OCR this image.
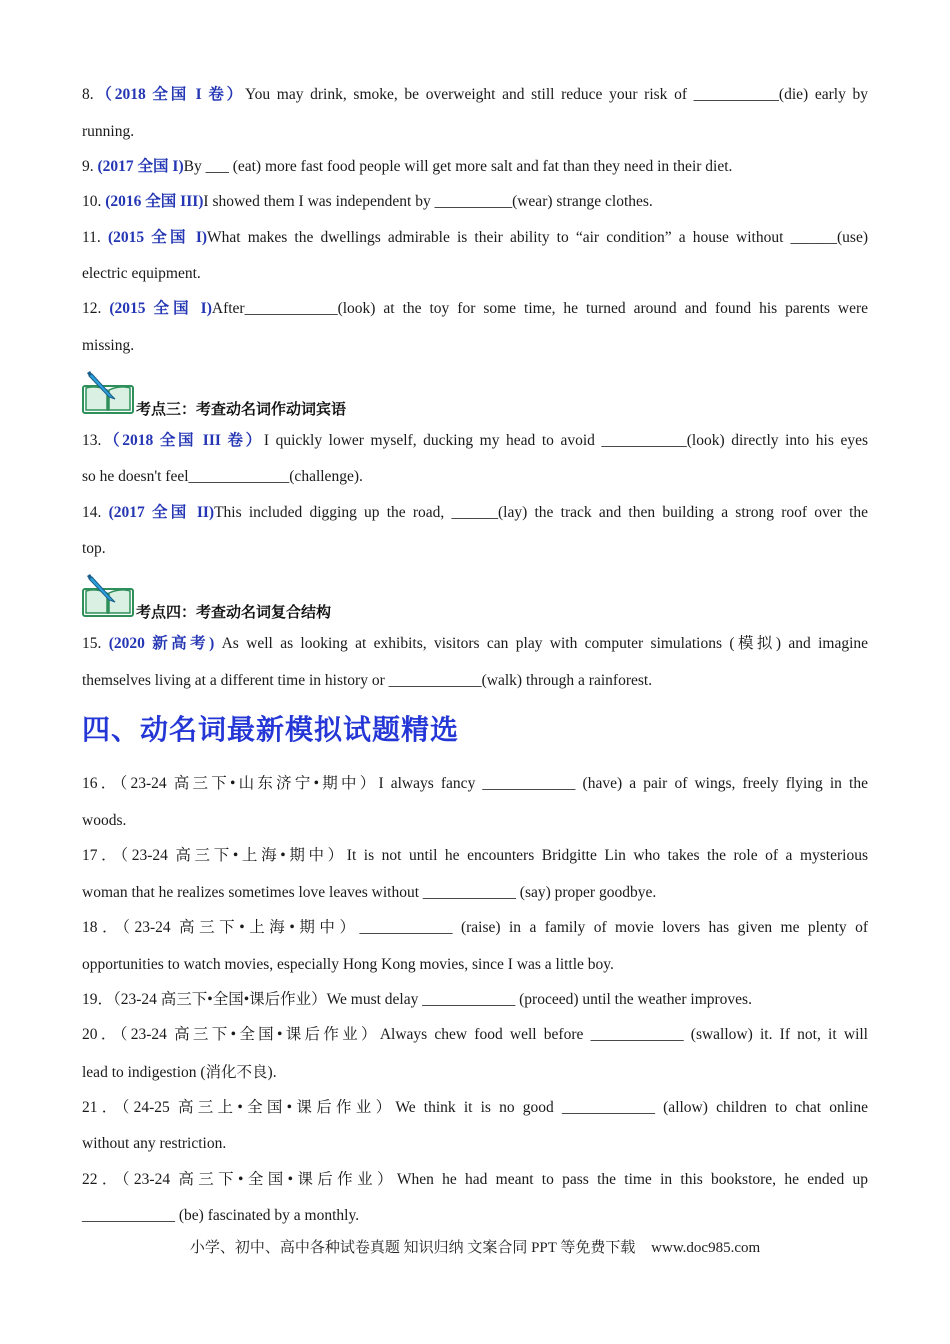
8.（2018 全国 I 卷）You may drink, smoke, be overweight and still reduce your risk of ___________(die) early by
running.
9. (2017 全国 I)By ___ (eat) more fast food people will get more salt and fat than they need in their diet.
10. (2016 全国 III)I showed them I was independent by __________(wear) strange clothes.
11. (2015 全国 I)What makes the dwellings admirable is their ability to “air condition” a house without ______(use)
electric equipment.
12. (2015 全国 I)After____________(look) at the toy for some time, he turned around and found his parents were
missing.
考点三：考查动名词作动词宾语
13.（2018 全国 III 卷）I quickly lower myself, ducking my head to avoid ___________(look) directly into his eyes
so he doesn't feel_____________(challenge).
14. (2017 全国 II)This included digging up the road, ______(lay) the track and then building a strong roof over the
top.
考点四：考查动名词复合结构
15. (2020 新高考) As well as looking at exhibits, visitors can play with computer simulations (模拟) and imagine
themselves living at a different time in history or ____________(walk) through a rainforest.
四、动名词最新模拟试题精选
16．（23-24 高三下•山东济宁•期中）I always fancy ____________ (have) a pair of wings, freely flying in the
woods.
17．（23-24 高三下•上海•期中）It is not until he encounters Bridgitte Lin who takes the role of a mysterious
woman that he realizes sometimes love leaves without ____________ (say) proper goodbye.
18．（23-24 高三下•上海•期中）____________ (raise) in a family of movie lovers has given me plenty of
opportunities to watch movies, especially Hong Kong movies, since I was a little boy.
19．（23-24 高三下•全国•课后作业）We must delay ____________ (proceed) until the weather improves.
20．（23-24 高三下•全国•课后作业）Always chew food well before ____________ (swallow) it. If not, it will
lead to indigestion (消化不良).
21．（24-25 高三上•全国•课后作业）We think it is no good ____________ (allow) children to chat online
without any restriction.
22．（23-24 高三下•全国•课后作业）When he had meant to pass the time in this bookstore, he ended up
____________ (be) fascinated by a monthly.
小学、初中、高中各种试卷真题 知识归纳 文案合同 PPT 等免费下载 www.doc985.com
